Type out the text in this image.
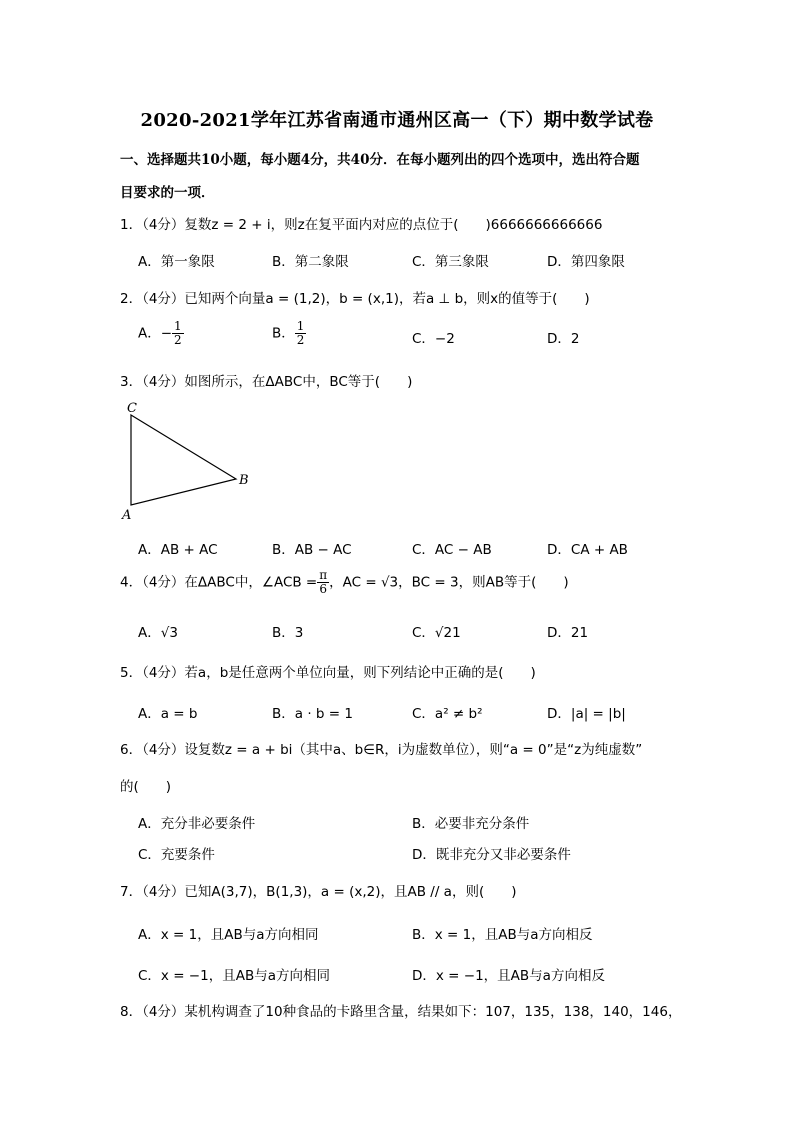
2020-2021学年江苏省南通市通州区高一（下）期中数学试卷
一、选择题共10小题，每小题4分，共40分．在每小题列出的四个选项中，选出符合题
目要求的一项．
1．（4分）复数z = 2 + i，则z在复平面内对应的点位于(　　)6666666666666
A．第一象限	B．第二象限	C．第三象限	D．第四象限
2．（4分）已知两个向量a = (1,2)，b = (x,1)，若a ⊥ b，则x的值等于(　　)
A．− $\frac{1}{2}$	B． $\frac{1}{2}$	C．−2	D．2
3．（4分）如图所示，在ΔABC中，BC等于(　　)
C
B
A
A．AB + AC	B．AB − AC	C．AC − AB	D．CA + AB
4．（4分）在ΔABC中，∠ACB = $\frac{\pi}{6}$ ，AC = √3，BC = 3，则AB等于(　　)
A．√3	B．3	C．√21	D．21
5．（4分）若a，b是任意两个单位向量，则下列结论中正确的是(　　)
A．a = b	B．a · b = 1	C．a² ≠ b²	D．|a| = |b|
6．（4分）设复数z = a + bi（其中a、b∈R，i为虚数单位），则“a = 0”是“z为纯虚数”
的(　　)
A．充分非必要条件	B．必要非充分条件
C．充要条件	D．既非充分又非必要条件
7．（4分）已知A(3,7)，B(1,3)，a = (x,2)，且AB // a，则(　　)
A．x = 1，且AB与a方向相同	B．x = 1，且AB与a方向相反
C．x = −1，且AB与a方向相同	D．x = −1，且AB与a方向相反
8．（4分）某机构调查了10种食品的卡路里含量，结果如下：107，135，138，140，146，
